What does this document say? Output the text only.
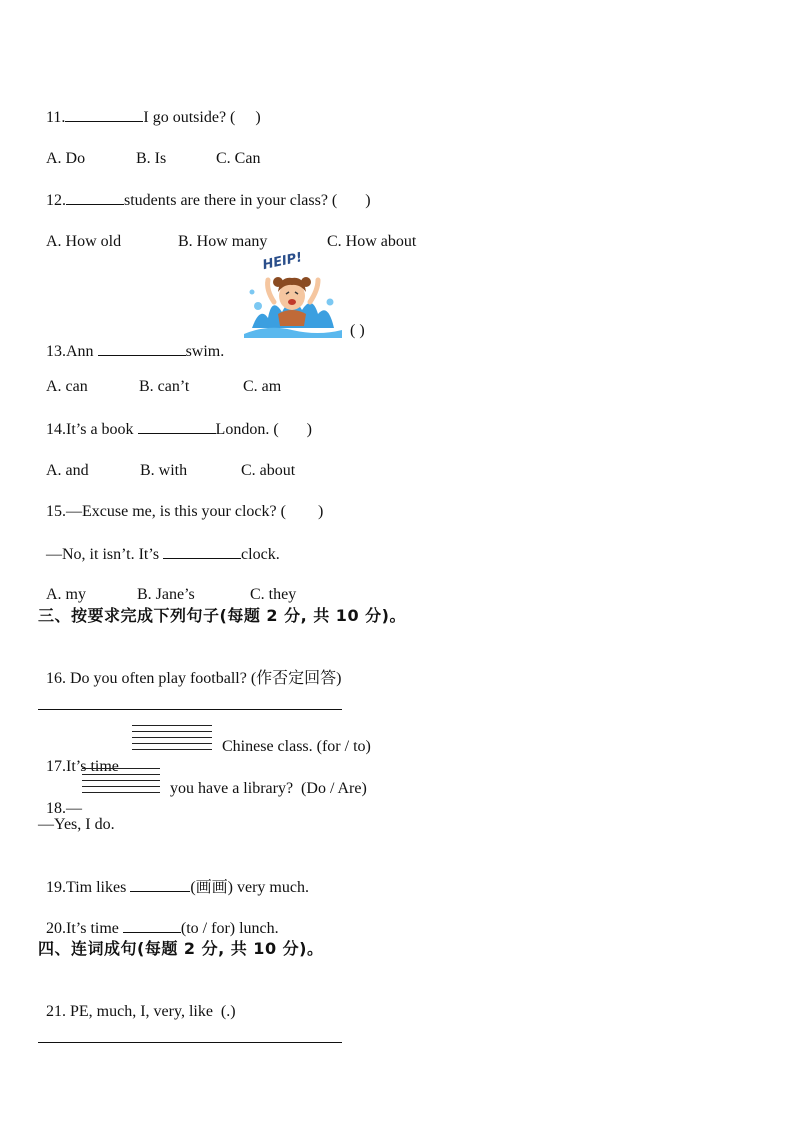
11.	I go outside? (     )

A. Do	B. Is	C. Can

12.	students are there in your class? (       )

A. How old	B. How many	C. How about

HEIP!

13.Ann	swim.

( )

A. can	B. can’t	C. am

14.It’s a book	London. (       )

A. and	B. with	C. about

15.—Excuse me, is this your clock? (        )

—No, it isn’t. It’s	clock.

A. my	B. Jane’s	C. they

三、按要求完成下列句子(每题 2 分, 共 10 分)。

16. Do you often play football? (作否定回答)

17.It’s time

Chinese class. (for / to)

18.—

you have a library?  (Do / Are)
—Yes, I do.

19.Tim likes	(画画) very much.

20.It’s time	(to / for) lunch.

四、连词成句(每题 2 分, 共 10 分)。

21. PE, much, I, very, like  (.)
